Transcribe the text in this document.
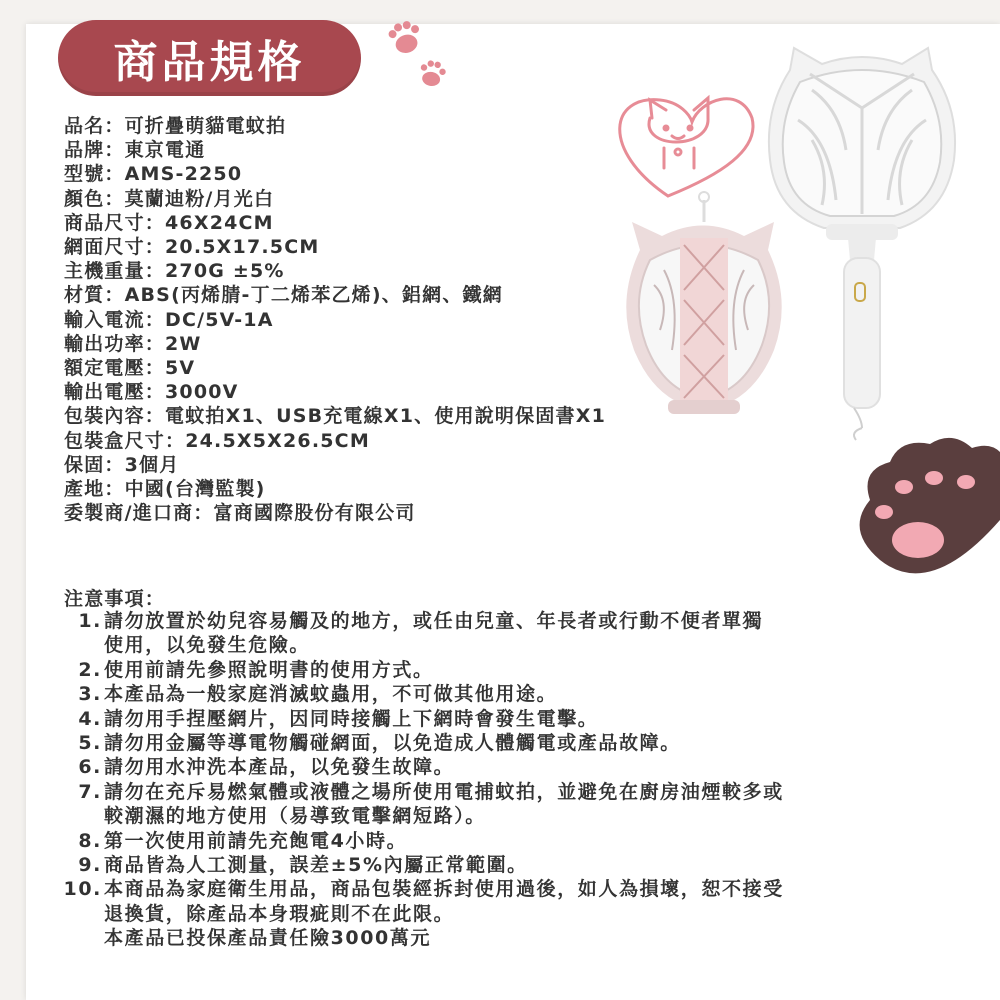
商品規格
品名：可折疊萌貓電蚊拍
品牌：東京電通
型號：AMS-2250
顏色：莫蘭迪粉/月光白
商品尺寸：46X24CM
網面尺寸：20.5X17.5CM
主機重量：270G ±5%
材質：ABS(丙烯腈-丁二烯苯乙烯)、鋁網、鐵網
輸入電流：DC/5V-1A
輸出功率：2W
額定電壓：5V
輸出電壓：3000V
包裝內容：電蚊拍X1、USB充電線X1、使用說明保固書X1
包裝盒尺寸：24.5X5X26.5CM
保固：3個月
產地：中國(台灣監製)
委製商/進口商：富商國際股份有限公司
注意事項：
1. 請勿放置於幼兒容易觸及的地方，或任由兒童、年長者或行動不便者單獨
使用，以免發生危險。
2. 使用前請先參照說明書的使用方式。
3. 本產品為一般家庭消滅蚊蟲用，不可做其他用途。
4. 請勿用手捏壓網片，因同時接觸上下網時會發生電擊。
5. 請勿用金屬等導電物觸碰網面，以免造成人體觸電或產品故障。
6. 請勿用水沖洗本產品，以免發生故障。
7. 請勿在充斥易燃氣體或液體之場所使用電捕蚊拍，並避免在廚房油煙較多或
較潮濕的地方使用（易導致電擊網短路）。
8. 第一次使用前請先充飽電4小時。
9. 商品皆為人工測量，誤差±5%內屬正常範圍。
10. 本商品為家庭衛生用品，商品包裝經拆封使用過後，如人為損壞，恕不接受
退換貨，除產品本身瑕疵則不在此限。
本產品已投保產品責任險3000萬元
